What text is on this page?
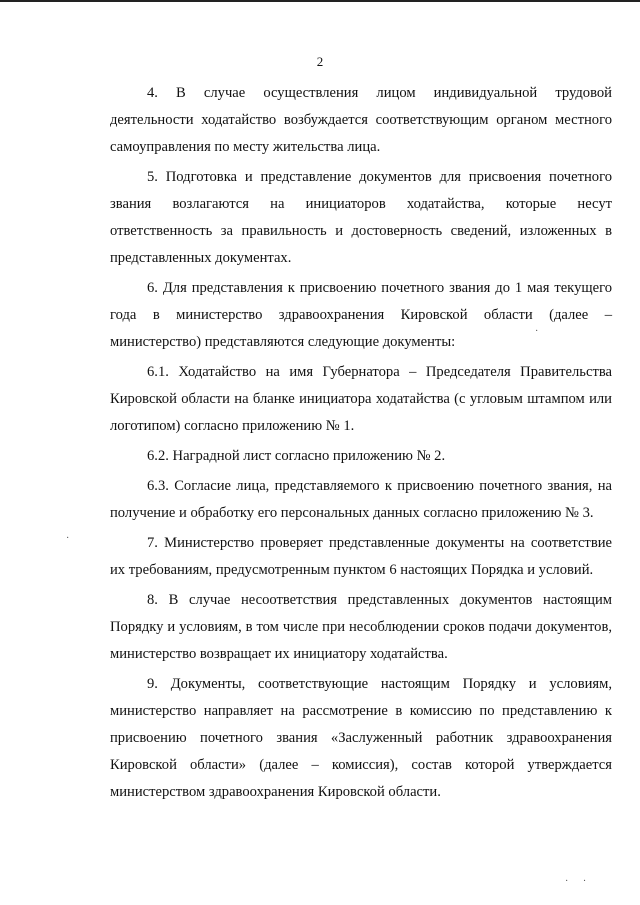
2

4. В случае осуществления лицом индивидуальной трудовой деятельности ходатайство возбуждается соответствующим органом местного самоуправления по месту жительства лица.

5. Подготовка и представление документов для присвоения почетного звания возлагаются на инициаторов ходатайства, которые несут ответственность за правильность и достоверность сведений, изложенных в представленных документах.

6. Для представления к присвоению почетного звания до 1 мая текущего года в министерство здравоохранения Кировской области (далее – министерство) представляются следующие документы:

6.1. Ходатайство на имя Губернатора – Председателя Правительства Кировской области на бланке инициатора ходатайства (с угловым штампом или логотипом) согласно приложению № 1.

6.2. Наградной лист согласно приложению № 2.

6.3. Согласие лица, представляемого к присвоению почетного звания, на получение и обработку его персональных данных согласно приложению № 3.

7. Министерство проверяет представленные документы на соответствие их требованиям, предусмотренным пунктом 6 настоящих Порядка и условий.

8. В случае несоответствия представленных документов настоящим Порядку и условиям, в том числе при несоблюдении сроков подачи документов, министерство возвращает их инициатору ходатайства.

9. Документы, соответствующие настоящим Порядку и условиям, министерство направляет на рассмотрение в комиссию по представлению к присвоению почетного звания «Заслуженный работник здравоохранения Кировской области» (далее – комиссия), состав которой утверждается министерством здравоохранения Кировской области.

·
·
· ·
